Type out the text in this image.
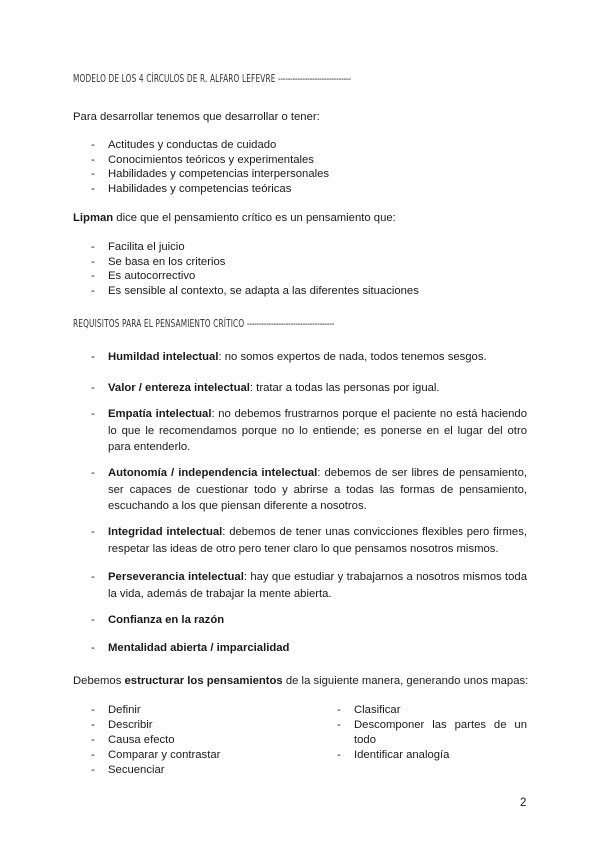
MODELO DE LOS 4 CÍRCULOS DE R. ALFARO LEFEVRE ------------------------------
Para desarrollar tenemos que desarrollar o tener:
- Actitudes y conductas de cuidado
- Conocimientos teóricos y experimentales
- Habilidades y competencias interpersonales
- Habilidades y competencias teóricas
Lipman dice que el pensamiento crítico es un pensamiento que:
- Facilita el juicio
- Se basa en los criterios
- Es autocorrectivo
- Es sensible al contexto, se adapta a las diferentes situaciones
REQUISITOS PARA EL PENSAMIENTO CRÍTICO ------------------------------------
- Humildad intelectual: no somos expertos de nada, todos tenemos sesgos.
- Valor / entereza intelectual: tratar a todas las personas por igual.
- Empatía intelectual: no debemos frustrarnos porque el paciente no está haciendo lo que le recomendamos porque no lo entiende; es ponerse en el lugar del otro para entenderlo.
- Autonomía / independencia intelectual: debemos de ser libres de pensamiento, ser capaces de cuestionar todo y abrirse a todas las formas de pensamiento, escuchando a los que piensan diferente a nosotros.
- Integridad intelectual: debemos de tener unas convicciones flexibles pero firmes, respetar las ideas de otro pero tener claro lo que pensamos nosotros mismos.
- Perseverancia intelectual: hay que estudiar y trabajarnos a nosotros mismos toda la vida, además de trabajar la mente abierta.
- Confianza en la razón
- Mentalidad abierta / imparcialidad
Debemos estructurar los pensamientos de la siguiente manera, generando unos mapas:
- Definir
- Describir
- Causa efecto
- Comparar y contrastar
- Secuenciar
- Clasificar
- Descomponer las partes de un todo
- Identificar analogía
2
